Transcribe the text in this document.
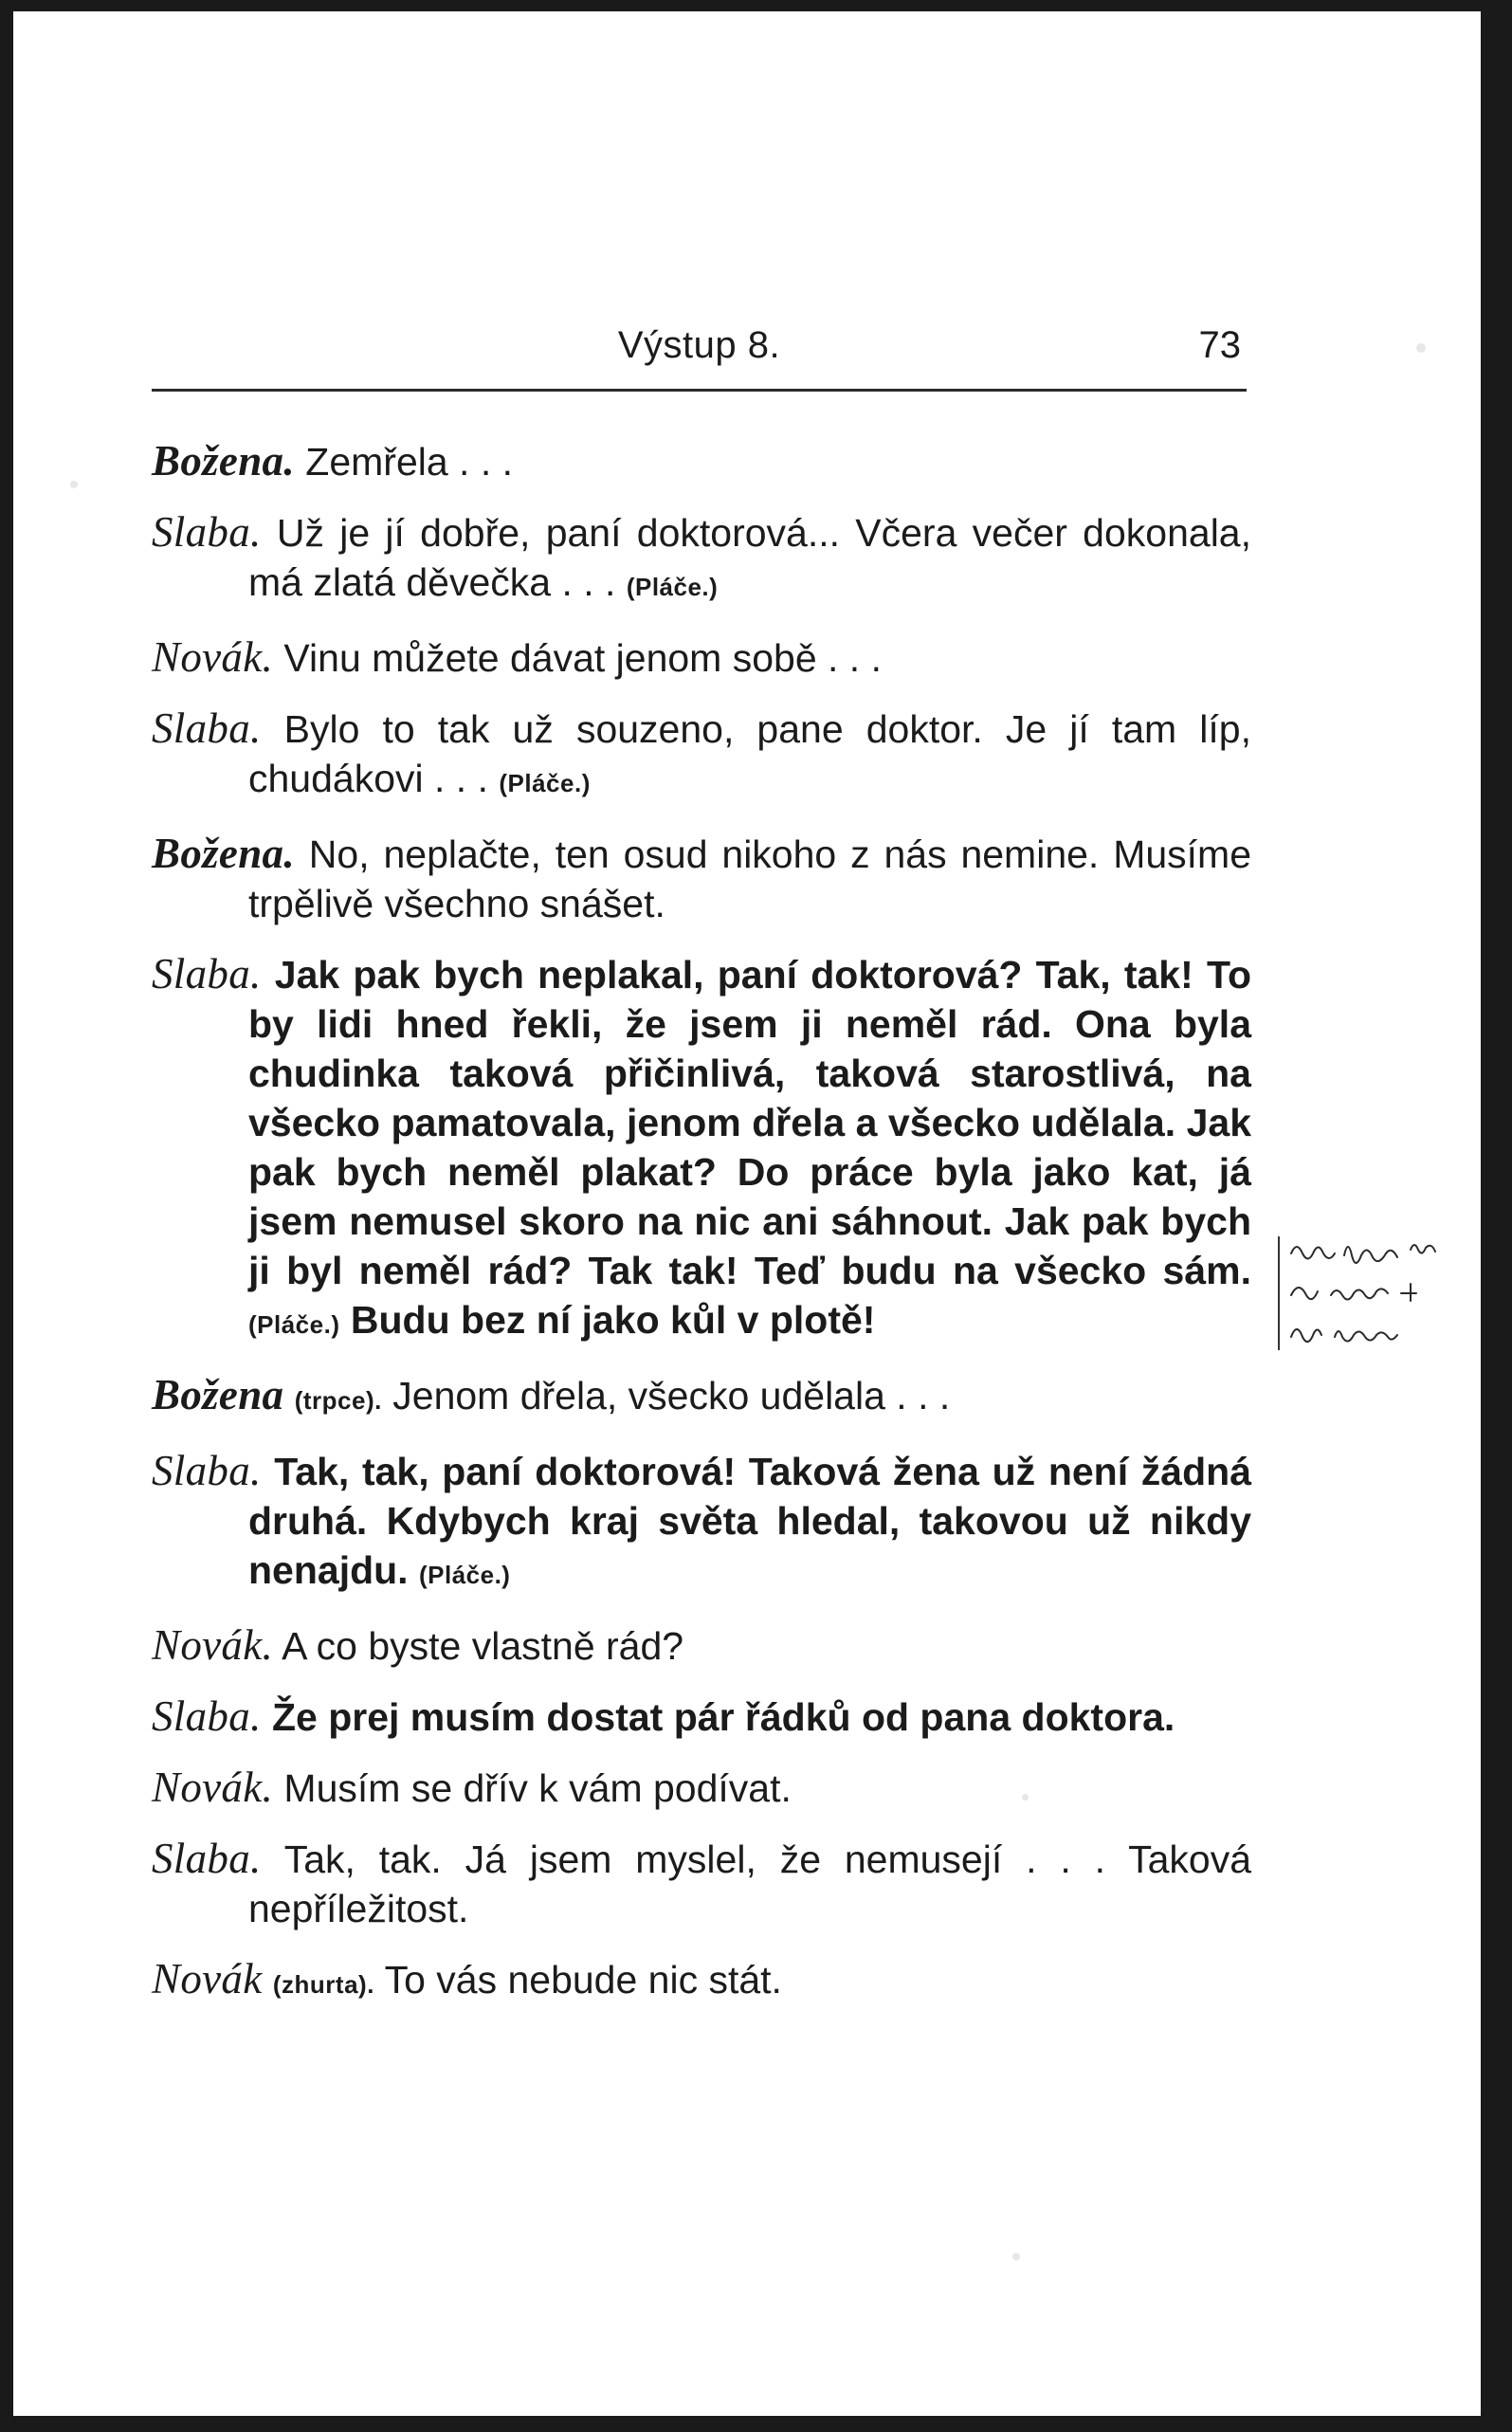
Výstup 8.	73
Božena. Zemřela . . .
Slaba. Už je jí dobře, paní doktorová... Včera večer dokonala, má zlatá děvečka . . . (Pláče.)
Novák. Vinu můžete dávat jenom sobě . . .
Slaba. Bylo to tak už souzeno, pane doktor. Je jí tam líp, chudákovi . . . (Pláče.)
Božena. No, neplačte, ten osud nikoho z nás nemine. Musíme trpělivě všechno snášet.
Slaba. Jak pak bych neplakal, paní doktorová? Tak, tak! To by lidi hned řekli, že jsem ji neměl rád. Ona byla chudinka taková přičinlivá, taková starostlivá, na všecko pamatovala, jenom dřela a všecko udělala. Jak pak bych neměl plakat? Do práce byla jako kat, já jsem nemusel skoro na nic ani sáhnout. Jak pak bych ji byl neměl rád? Tak tak! Teď budu na všecko sám. (Pláče.) Budu bez ní jako kůl v plotě!
Božena (trpce). Jenom dřela, všecko udělala . . .
Slaba. Tak, tak, paní doktorová! Taková žena už není žádná druhá. Kdybych kraj světa hledal, takovou už nikdy nenajdu. (Pláče.)
Novák. A co byste vlastně rád?
Slaba. Že prej musím dostat pár řádků od pana doktora.
Novák. Musím se dřív k vám podívat.
Slaba. Tak, tak. Já jsem myslel, že nemusejí . . . Taková nepříležitost.
Novák (zhurta). To vás nebude nic stát.
